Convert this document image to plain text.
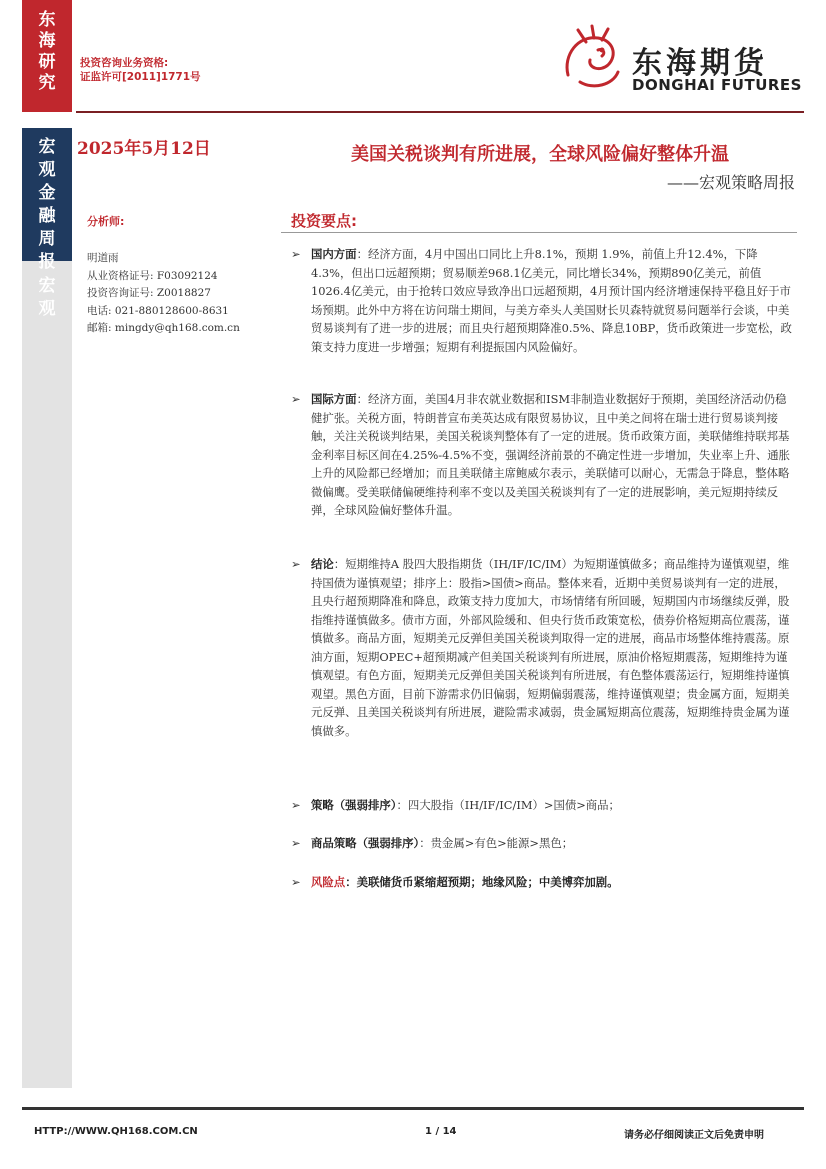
东海研究
投资咨询业务资格:
证监许可[2011]1771号	东海期货
DONGHAI FUTURES
宏观金融周报
宏观
2025年5月12日	美国关税谈判有所进展，全球风险偏好整体升温
——宏观策略周报
分析师:
明道雨
从业资格证号: F03092124
投资咨询证号: Z0018827
电话: 021-880128600-8631
邮箱: mingdy@qh168.com.cn
投资要点:
➢ 国内方面：经济方面，4月中国出口同比上升8.1%，预期 1.9%，前值上升12.4%，下降4.3%，但出口远超预期；贸易顺差968.1亿美元，同比增长34%，预期890亿美元，前值1026.4亿美元，由于抢转口效应导致净出口远超预期，4月预计国内经济增速保持平稳且好于市场预期。此外中方将在访问瑞士期间，与美方牵头人美国财长贝森特就贸易问题举行会谈，中美贸易谈判有了进一步的进展；而且央行超预期降准0.5%、降息10BP，货币政策进一步宽松，政策支持力度进一步增强；短期有利提振国内风险偏好。
➢ 国际方面：经济方面，美国4月非农就业数据和ISM非制造业数据好于预期，美国经济活动仍稳健扩张。关税方面，特朗普宣布美英达成有限贸易协议，且中美之间将在瑞士进行贸易谈判接触，关注关税谈判结果，美国关税谈判整体有了一定的进展。货币政策方面，美联储维持联邦基金利率目标区间在4.25%-4.5%不变，强调经济前景的不确定性进一步增加，失业率上升、通胀上升的风险都已经增加；而且美联储主席鲍威尔表示，美联储可以耐心，无需急于降息，整体略微偏鹰。受美联储偏硬维持利率不变以及美国关税谈判有了一定的进展影响，美元短期持续反弹，全球风险偏好整体升温。
➢ 结论：短期维持A 股四大股指期货（IH/IF/IC/IM）为短期谨慎做多；商品维持为谨慎观望，维持国债为谨慎观望；排序上：股指>国债>商品。整体来看，近期中美贸易谈判有一定的进展，且央行超预期降准和降息，政策支持力度加大，市场情绪有所回暖，短期国内市场继续反弹，股指维持谨慎做多。债市方面，外部风险缓和、但央行货币政策宽松，债券价格短期高位震荡，谨慎做多。商品方面，短期美元反弹但美国关税谈判取得一定的进展，商品市场整体维持震荡。原油方面，短期OPEC+超预期减产但美国关税谈判有所进展，原油价格短期震荡，短期维持为谨慎观望。有色方面，短期美元反弹但美国关税谈判有所进展，有色整体震荡运行，短期维持谨慎观望。黑色方面，目前下游需求仍旧偏弱，短期偏弱震荡，维持谨慎观望；贵金属方面，短期美元反弹、且美国关税谈判有所进展，避险需求减弱，贵金属短期高位震荡，短期维持贵金属为谨慎做多。
➢ 策略（强弱排序）：四大股指（IH/IF/IC/IM）>国债>商品；
➢ 商品策略（强弱排序）：贵金属>有色>能源>黑色；
➢ 风险点：美联储货币紧缩超预期；地缘风险；中美博弈加剧。
HTTP://WWW.QH168.COM.CN	1 / 14	请务必仔细阅读正文后免责申明
